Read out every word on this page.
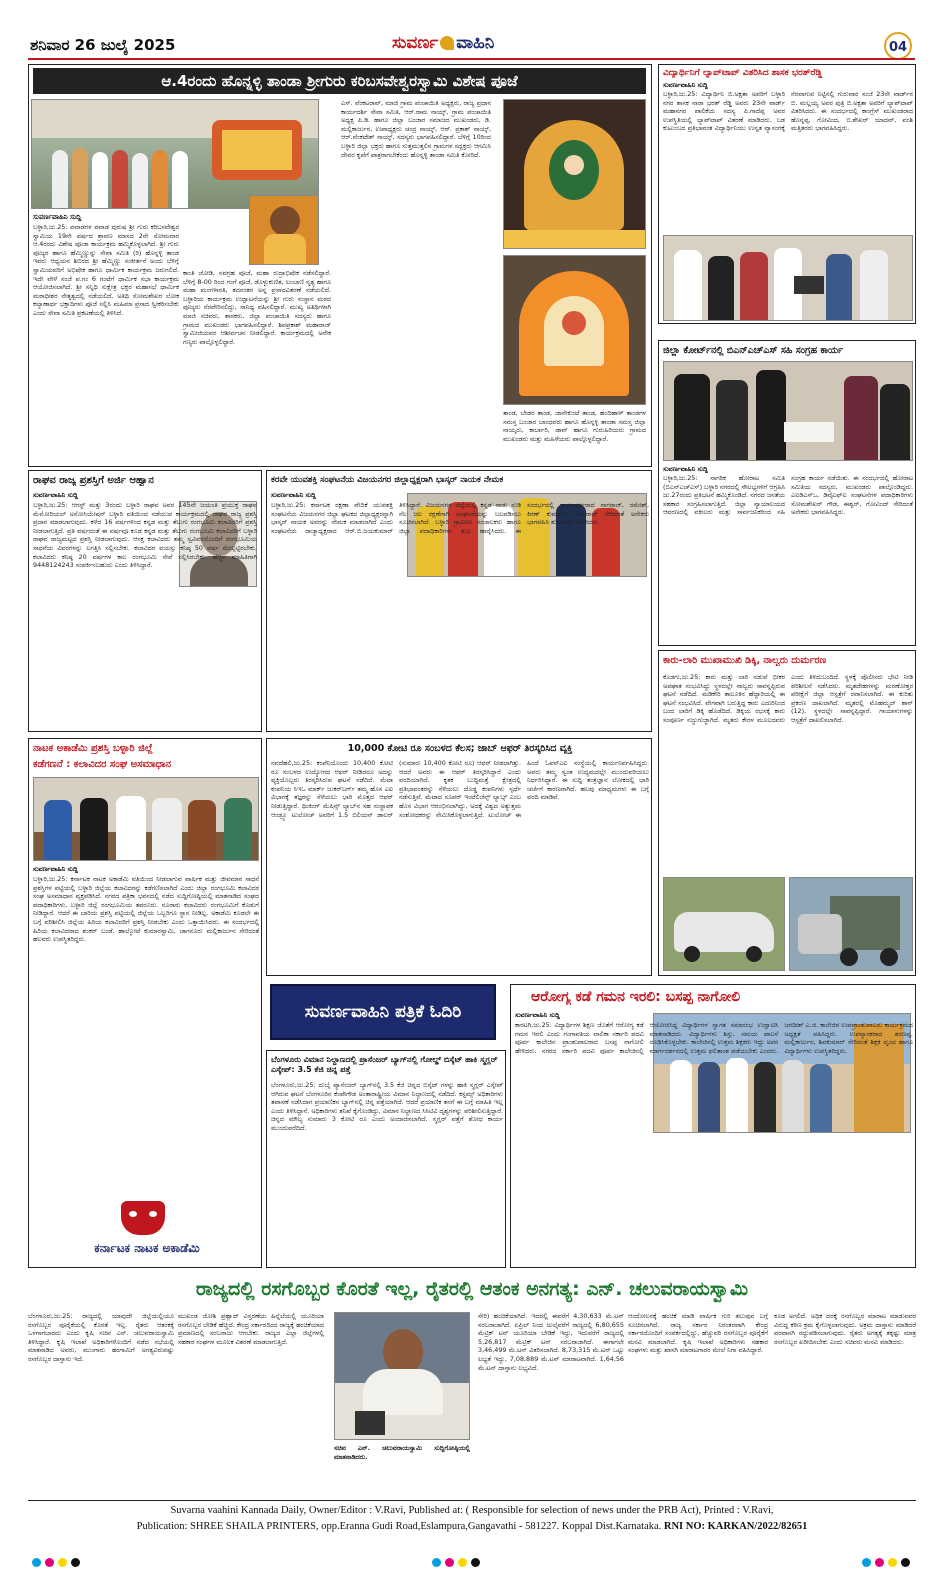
ಶನಿವಾರ 26 ಜುಲೈ 2025	ಸುವರ್ಣ ವಾಹಿನಿ	04
ಆ.4ರಂದು ಹೊನ್ನಳ್ಳಿ ತಾಂಡಾ ಶ್ರೀಗುರು ಕರಿಬಸವೇಶ್ವರಸ್ವಾಮಿ ವಿಶೇಷ ಪೂಜೆ
ಸುವರ್ಣವಾಹಿನಿ ಸುದ್ದಿ
ಬಳ್ಳಾರಿ,ಜು.25: ಪವಾಡಗಳ ಪವಾಡ ಪುರುಷ ಶ್ರೀ ಗುರು ಕರಿಬಸವೇಶ್ವರ ಸ್ವಾಮಿಯ 19ನೇ ವರ್ಷದ ಶ್ರಾವಣ ಮಾಸದ 2ನೇ ಸೋಮವಾರ ಆ.4ರಂದು ವಿಶೇಷ ಪೂಜಾ ಕಾರ್ಯಕ್ರಮ ಹಮ್ಮಿಕೊಳ್ಳಲಾಗಿದೆ. ಶ್ರೀ ಗುರು ಪೂಜ್ಯರ ಹಾಗೂ ಹೆಮ್ಮಿಣ್ಣುನ್ನು ಸೇವಾ ಸಮಿತಿ (ರಿ) ಹೊನ್ನಳ್ಳಿ ತಾಂಡ ಇವರು ಆಧ್ಯಯನ ಶಿಬಿರದ ಶ್ರೀ ಹೆಮ್ಮಿಣ್ಣು ಸಂಕೀರ್ತನೆ ಅಂದು ಬೆಳಿಗ್ಗೆ ಸ್ವಾಮಿಯವರಿಗೆ ಅಭಿಷೇಕ ಹಾಗೂ ಧಾರ್ಮಿಕ ಕಾರ್ಯಕ್ರಮ ಜರುಗಲಿದೆ. ಇದೇ ವೇಳೆ ಸಂಜೆ ಪ.ಗಂ 6 ಗಂಟೆಗೆ ಧಾರ್ಮಿಕ ಸಭಾ ಕಾರ್ಯಕ್ರಮ ಆಯೋಜಿಸಲಾಗಿದೆ. ಶ್ರೀ ಸನ್ನಿಧಿ ಸುಕ್ಷೇತ್ರ ಭಕ್ತರ ಮಹಾಸಭೆ ಧಾರ್ಮಿಕ ಮಠಾಧೀಶರ ನೇತೃತ್ವದಲ್ಲಿ ನಡೆಯಲಿದೆ. ಅತಿಥಿ ಸೋಮಶೇಖರ ಲೋಕ ಕಲ್ಯಾಣಾರ್ಥ ಭಕ್ತಾದಿಗಳು ಪೂಜೆ ಸಲ್ಲಿಸಿ ಮಹಿಮಾ ಪ್ರಸಾದ ಸ್ವೀಕರಿಸಬೇಕು ಎಂದು ಸೇವಾ ಸಮಿತಿ ಪ್ರಕಟಣೆಯಲ್ಲಿ ತಿಳಿಸಿದೆ.
ಕಾಂತಿ ಜೋಡಿ, ನವಗ್ರಹ ಪೂಜೆ, ಮಹಾ ರುದ್ರಾಭಿಷೇಕ ನಡೆಸಲಿದ್ದಾರೆ. ಬೆಳಿಗ್ಗೆ 8-00 ರಿಂದ ಗಂಗೆ ಪೂಜೆ, ಡೊಳ್ಳುಕುಣಿತ, ಲಂಬಾಣಿ ನೃತ್ಯ ಹಾಗೂ ಮಹಾ ಮಂಗಳಾರತಿ, ತದನಂತರ ಅನ್ನ ಪ್ರಸಾದವಿತರಣೆ ನಡೆಯಲಿದೆ. ಬಳ್ಳಾರಿಯ ಕಾರ್ಯಕ್ರಮ ಉದ್ಘಾಟನೆಯನ್ನು ಶ್ರೀ ಗುರು ಸಂಸ್ಥಾನ ಮಠದ ಪೂಜ್ಯರು ನೆರವೇರಿಸಲಿದ್ದು, ಸಾನಿಧ್ಯ ವಹಿಸಲಿದ್ದಾರೆ. ಮುಖ್ಯ ಅತಿಥಿಗಳಾಗಿ ಮಾಜಿ ಸಚಿವರು, ಶಾಸಕರು, ಜಿಲ್ಲಾ ಪಂಚಾಯಿತಿ ಸದಸ್ಯರು ಹಾಗೂ ಗ್ರಾಮದ ಮುಖಂಡರು ಭಾಗವಹಿಸಲಿದ್ದಾರೆ. ಶಿವಪ್ರಕಾಶ್ ಮಹಾರಾಜ್ ಸ್ವಾಮೀಜಿಯವರ ಆಶೀರ್ವಚನ ನೀಡಲಿದ್ದಾರೆ. ಕಾರ್ಯಕ್ರಮದಲ್ಲಿ ಅನೇಕ ಗಣ್ಯರು ಪಾಲ್ಗೊಳ್ಳಲಿದ್ದಾರೆ.
ಎಸ್. ವೆಂಕಟರಾವ್, ಮಾಜಿ ಗ್ರಾಮ ಪಂಚಾಯಿತಿ ಅಧ್ಯಕ್ಷರು, ರಾಜ್ಯ ಪ್ರಧಾನ ಕಾರ್ಯದರ್ಶಿ ಸೇವಾ ಸಮಿತಿ, ಆರ್.ರಾಮ ನಾಯ್ಕ್, ಗ್ರಾಮ ಪಂಚಾಯಿತಿ ಅಧ್ಯಕ್ಷ ಪಿ.ಡಿ. ಹಾಗೂ ಜಿಲ್ಲಾ ಬಂಜಾರ ಸಮಾಜದ ಮುಖಂಡರು, ಡಿ. ಮಲ್ಲಿಕಾರ್ಜುನ, ಉಪಾಧ್ಯಕ್ಷರು ಚಂದ್ರ ನಾಯ್ಕ್, ಆರ್. ಪ್ರಕಾಶ್ ನಾಯ್ಕ್, ಆರ್.ವೆಂಕಟೇಶ್ ನಾಯ್ಕ್, ಸದಸ್ಯರು ಭಾಗವಹಿಸಲಿದ್ದಾರೆ. ಬೆಳಿಗ್ಗೆ 10ರಿಂದ ಬಳ್ಳಾರಿ ಜಿಲ್ಲಾ ಭಕ್ತರು ಹಾಗೂ ಸುತ್ತಮುತ್ತಲಿನ ಗ್ರಾಮಗಳ ಸದ್ಭಕ್ತರು ಆಗಮಿಸಿ ದೇವರ ಕೃಪೆಗೆ ಪಾತ್ರರಾಗಬೇಕೆಂದು ಹೊನ್ನಳ್ಳಿ ತಾಂಡಾ ಸಮಿತಿ ಕೋರಿದೆ.
ತಾಂಡ, ಬೇಡರ ತಾಂಡ, ಜಾನೇಕುಂಟೆ ತಾಂಡ, ಹಂದಿಹಾಳ್ ತಾಂಡಗಳ ಸಮಸ್ತ ಬಂಜಾರ ಬಾಂಧವರು ಹಾಗೂ ಹೊನ್ನಳ್ಳಿ ತಾಂಡಾ ಸಮಸ್ತ ಜಿಲ್ಲಾ ನಾಯ್ಕರು, ಕಾರ್ಬಾರಿ, ಡಾವ್ ಹಾಗೂ ಗುರುಹಿರಿಯರು ಗ್ರಾಮದ ಮುಖಂಡರು ಮತ್ತು ಮಹಿಳೆಯರು ಪಾಲ್ಗೊಳ್ಳಲಿದ್ದಾರೆ.
ವಿದ್ಯಾರ್ಥಿನಿಗೆ ಲ್ಯಾಪ್‌ಟಾಪ್ ವಿತರಿಸಿದ ಶಾಸಕ ಭರತ್‌ರೆಡ್ಡಿ
ಸುವರ್ಣವಾಹಿನಿ ಸುದ್ದಿ
ಬಳ್ಳಾರಿ,ಜು.25: ವಿದ್ಯಾರ್ಥಿನಿ ಬಿ.ಅಕ್ಷತಾ ಅವರಿಗೆ ಬಳ್ಳಾರಿ ನಗರ ಶಾಸಕ ನಾರಾ ಭರತ್ ರೆಡ್ಡಿ ಅವರು 23ನೇ ವಾರ್ಡ್ ಮಹಾನಗರ ಪಾಲಿಕೆಯ ಸದಸ್ಯ ಪಿ.ಗಾದೆಪ್ಪ ಅವರ ಉಪಸ್ಥಿತಿಯಲ್ಲಿ ಲ್ಯಾಪ್‌ಟಾಪ್ ವಿತರಣೆ ಮಾಡಿದರು. ಬಡ ಕುಟುಂಬದ ಪ್ರತಿಭಾವಂತ ವಿದ್ಯಾರ್ಥಿನಿಯು ಉನ್ನತ ವ್ಯಾಸಂಗಕ್ಕೆ ನೆರವಾಗುವ ನಿಟ್ಟಿನಲ್ಲಿ ಗುರುವಾರ ಸಂಜೆ 23ನೇ ವಾರ್ಡ್‌ನ ಬಿ. ಮಲ್ಲಯ್ಯ ಅವರ ಪುತ್ರಿ ಬಿ.ಅಕ್ಷತಾ ಅವರಿಗೆ ಲ್ಯಾಪ್‌ಟಾಪ್ ವಿತರಿಸಿದರು. ಈ ಸಂದರ್ಭದಲ್ಲಿ ಕಾಂಗ್ರೆಸ್ ಮುಖಂಡರಾದ ಹೊನ್ನಪ್ಪ, ಗೋವಿಂದ, ಬಿ.ಶೇಖರ್ ಯಾದವ್, ವಂಶಿ ಮತ್ತಿತರರು ಭಾಗವಹಿಸಿದ್ದರು.
ಜಿಲ್ಲಾ ಕೋರ್ಟ್‌ನಲ್ಲಿ ಬಿಎನ್‌ಎಚ್‌ಎಸ್ ಸಹಿ ಸಂಗ್ರಹ ಕಾರ್ಯ
ಸುವರ್ಣವಾಹಿನಿ ಸುದ್ದಿ
ಬಳ್ಳಾರಿ,ಜು.25: ನಾಗರಿಕ ಹೋರಾಟ ಸಮಿತಿ (ಬಿಎನ್‌ಎಚ್‌ಎಸ್) ಬಳ್ಳಾರಿ ನಗರದಲ್ಲಿ ಸೌಲಭ್ಯಗಳಿಗೆ ಆಗ್ರಹಿಸಿ ಜು.27ರಂದು ಪ್ರತಿಭಟನೆ ಹಮ್ಮಿಕೊಂಡಿದೆ. ನಗರದ ಜನತೆಯ ಸಹಕಾರ ಸಂಗ್ರಹಿಸಲಾಗುತ್ತಿದೆ. ಜಿಲ್ಲಾ ನ್ಯಾಯಾಲಯದ ಆವರಣದಲ್ಲಿ ವಕೀಲರು ಮತ್ತು ಸಾರ್ವಜನಿಕರಿಂದ ಸಹಿ ಸಂಗ್ರಹ ಕಾರ್ಯ ನಡೆಯಿತು. ಈ ಸಂದರ್ಭದಲ್ಲಿ ಹೋರಾಟ ಸಮಿತಿಯ ಸದಸ್ಯರು, ಮುಖಂಡರು ಪಾಲ್ಗೊಂಡಿದ್ದರು. ಎಐಡಿಎಸ್‌ಒ, ಡಿವೈಎಫ್‌ಐ ಸಂಘಟನೆಗಳ ಪದಾಧಿಕಾರಿಗಳು ಸೋಮಶೇಖರ್ ಗೌಡ, ಈಶ್ವರ್, ಗೋವಿಂದ್ ಸೇರಿದಂತೆ ಅನೇಕರು ಭಾಗವಹಿಸಿದ್ದರು.
ರಾಘವ ರಾಜ್ಯ ಪ್ರಶಸ್ತಿಗೆ ಅರ್ಜಿ ಆಹ್ವಾನ
ಸುವರ್ಣವಾಹಿನಿ ಸುದ್ದಿ
ಬಳ್ಳಾರಿ,ಜು.25: ಆಗಸ್ಟ್ ಮತ್ತು 3ರಂದು ಬಳ್ಳಾರಿ ರಾಘವ ಅವರ 145ನೇ ಜಯಂತಿ ಪ್ರಯುಕ್ತ ರಾಘವ ಮೆಮೋರಿಯಲ್ ಅಸೋಸಿಯೇಷನ್ ಬಳ್ಳಾರಿ ವತಿಯಿಂದ ನಡೆಯುವ ಕಾರ್ಯಕ್ರಮದಲ್ಲಿ ರಾಘವ ರಾಜ್ಯ ಪ್ರಶಸ್ತಿ ಪ್ರದಾನ ಮಾಡಲಾಗುವುದು. ಕಳೆದ 16 ವರ್ಷಗಳಿಂದ ಕನ್ನಡ ಮತ್ತು ತೆಲುಗು ರಂಗಭೂಮಿ ಕಲಾವಿದರಿಗೆ ಪ್ರಶಸ್ತಿ ನೀಡಲಾಗುತ್ತಿದೆ. ಪ್ರತಿ ವರ್ಷದಂತೆ ಈ ವರ್ಷವೂ ಕೂಡ ಕನ್ನಡ ಮತ್ತು ತೆಲುಗು ರಂಗಭೂಮಿ ಕಲಾವಿದರಿಗೆ ಬಳ್ಳಾರಿ ರಾಘವ ರಾಜ್ಯಮಟ್ಟದ ಪ್ರಶಸ್ತಿ ನೀಡಲಾಗುವುದು. ಆಸಕ್ತ ಕಲಾವಿದರು ತಮ್ಮ ಸ್ವವಿವರದೊಂದಿಗೆ ರಂಗಭೂಮಿಯ ಸಾಧನೆಯ ವಿವರಗಳನ್ನು ಲಗತ್ತಿಸಿ ಸಲ್ಲಿಸಬೇಕು. ಕಲಾವಿದರ ವಯಸ್ಸು ಕನಿಷ್ಠ 50 ವರ್ಷ ಮೇಲ್ಪಟ್ಟಿರಬೇಕು, ಕಲಾವಿದರು ಕನಿಷ್ಠ 20 ವರ್ಷಗಳ ಕಾಲ ರಂಗಭೂಮಿ ಸೇವೆ ಸಲ್ಲಿಸಿರಬೇಕು. ಹೆಚ್ಚಿನ ಮಾಹಿತಿಗಾಗಿ 9448124243 ಸಂಪರ್ಕಿಸಬಹುದು ಎಂದು ತಿಳಿಸಿದ್ದಾರೆ.
ಕರವೇ ಯುವಶಕ್ತಿ ಸಂಘಟನೆಯ ವಿಜಯನಗರ ಜಿಲ್ಲಾಧ್ಯಕ್ಷರಾಗಿ ಭಾಸ್ಕರ್ ನಾಯಕ ನೇಮಕ
ಸುವರ್ಣವಾಹಿನಿ ಸುದ್ದಿ
ಬಳ್ಳಾರಿ,ಜು.25: ಕರ್ನಾಟಕ ರಕ್ಷಣಾ ವೇದಿಕೆ ಯುವಶಕ್ತಿ ಸಂಘಟನೆಯ ವಿಜಯನಗರ ಜಿಲ್ಲಾ ಘಟಕದ ಜಿಲ್ಲಾಧ್ಯಕ್ಷರನ್ನಾಗಿ ಭಾಸ್ಕರ್ ನಾಯಕ ಅವರನ್ನು ನೇಮಕ ಮಾಡಲಾಗಿದೆ ಎಂದು ಸಂಘಟನೆಯ ರಾಜ್ಯಾಧ್ಯಕ್ಷರಾದ ಆರ್.ಬಿ.ಜಯಕುಮಾರ್ ತಿಳಿಸಿದ್ದಾರೆ. ವಿಜಯನಗರ ಜಿಲ್ಲೆಯಲ್ಲಿ ಕನ್ನಡ ನಾಡು ನುಡಿ ನೆಲ ಜಲ ರಕ್ಷಣೆಗಾಗಿ ಸಂಘಟನೆಯನ್ನು ಬಲಪಡಿಸಲು ಸೂಚಿಸಲಾಗಿದೆ. ಬಳ್ಳಾರಿ ಗ್ರಾಮೀಣ ಸಂಚಾಲಕರು ಹಾಗೂ ಜಿಲ್ಲಾ ಪದಾಧಿಕಾರಿಗಳು ಶುಭ ಹಾರೈಸಿದರು. ಈ ಸಂದರ್ಭದಲ್ಲಿ ಕಾರ್ಯಕರ್ತರಾದ ನಾಗರಾಜ್, ರಮೇಶ್, ಕಿರಣ್ ಕುಮಾರ್, ಬಸವರಾಜ್ ಸೇರಿದಂತೆ ಅನೇಕರು ಭಾಗವಹಿಸಿ ಶುಭಾಶಯ ಕೋರಿದರು.
ನಾಟಕ ಅಕಾಡೆಮಿ ಪ್ರಶಸ್ತಿ ಬಳ್ಳಾರಿ ಜಿಲ್ಲೆ
ಕಡೆಗಣನೆ : ಕಲಾವಿದರ ಸಂಘ ಅಸಮಾಧಾನ
ಸುವರ್ಣವಾಹಿನಿ ಸುದ್ದಿ
ಬಳ್ಳಾರಿ,ಜು.25: ಕರ್ನಾಟಕ ನಾಟಕ ಅಕಾಡೆಮಿ ವತಿಯಿಂದ ನೀಡಲಾಗುವ ವಾರ್ಷಿಕ ಮತ್ತು ಜೀವಮಾನ ಸಾಧನೆ ಪ್ರಶಸ್ತಿಗಳ ಪಟ್ಟಿಯಲ್ಲಿ ಬಳ್ಳಾರಿ ಜಿಲ್ಲೆಯ ಕಲಾವಿದರನ್ನು ಕಡೆಗಣಿಸಲಾಗಿದೆ ಎಂದು ಜಿಲ್ಲಾ ರಂಗಭೂಮಿ ಕಲಾವಿದರ ಸಂಘ ಅಸಮಾಧಾನ ವ್ಯಕ್ತಪಡಿಸಿದೆ. ನಗರದ ಪತ್ರಿಕಾ ಭವನದಲ್ಲಿ ನಡೆದ ಸುದ್ದಿಗೋಷ್ಠಿಯಲ್ಲಿ ಮಾತನಾಡಿದ ಸಂಘದ ಪದಾಧಿಕಾರಿಗಳು, ಬಳ್ಳಾರಿ ಜಿಲ್ಲೆ ರಂಗಭೂಮಿಯ ತವರೂರು. ನೂರಾರು ಕಲಾವಿದರು ರಂಗಭೂಮಿಗೆ ಕೊಡುಗೆ ನೀಡಿದ್ದಾರೆ. ಆದರೆ ಈ ಬಾರಿಯ ಪ್ರಶಸ್ತಿ ಪಟ್ಟಿಯಲ್ಲಿ ಜಿಲ್ಲೆಯ ಒಬ್ಬರಿಗೂ ಸ್ಥಾನ ನೀಡಿಲ್ಲ. ಅಕಾಡೆಮಿ ಕೂಡಲೇ ಈ ಬಗ್ಗೆ ಪರಿಶೀಲಿಸಿ ಜಿಲ್ಲೆಯ ಹಿರಿಯ ಕಲಾವಿದರಿಗೆ ಪ್ರಶಸ್ತಿ ನೀಡಬೇಕು ಎಂದು ಒತ್ತಾಯಿಸಿದರು. ಈ ಸಂದರ್ಭದಲ್ಲಿ ಹಿರಿಯ ಕಲಾವಿದರಾದ ಶಂಕರ್ ಬಂಡೆ, ಹಾಲ್ಕೋಟೆ ಕುಮಾರಸ್ವಾಮಿ, ಚಾಗನೂರು ಮಲ್ಲಿಕಾರ್ಜುನ ಸೇರಿದಂತೆ ಹಲವರು ಉಪಸ್ಥಿತರಿದ್ದರು.
ಕರ್ನಾಟಕ ನಾಟಕ ಅಕಾಡೆಮಿ
10,000 ಕೋಟಿ ರೂ ಸಂಬಳದ ಕೆಲಸ; ಜಾಬ್ ಆಫರ್ ತಿರಸ್ಕರಿಸಿದ ವ್ಯಕ್ತಿ
ನವದೆಹಲಿ,ಜು.25: ಕಂಪೆನಿಯೊಂದು 10,400 ಕೋಟಿ ರೂ ಸಂಬಳದ ಉದ್ಯೋಗದ ಆಫರ್ ನೀಡಿದರೂ ಅದನ್ನು ವ್ಯಕ್ತಿಯೊಬ್ಬರು ತಿರಸ್ಕರಿಸಿರುವ ಘಟನೆ ನಡೆದಿದೆ. ಮೆಟಾ ಕಂಪನಿಯ ಸಿಇಒ ಮಾರ್ಕ್ ಜುಕರ್‌ಬರ್ಗ್ ತಮ್ಮ ಹೊಸ ಎಐ ವಿಭಾಗಕ್ಕೆ ತಜ್ಞರನ್ನು ಸೆಳೆಯಲು ಭಾರಿ ಮೊತ್ತದ ಆಫರ್ ನೀಡುತ್ತಿದ್ದಾರೆ. ಥಿಂಕಿಂಗ್ ಮೆಷಿನ್ಸ್ ಲ್ಯಾಬ್‌ನ ಸಹ ಸಂಸ್ಥಾಪಕ ಆಂಡ್ರ್ಯೂ ಟುಲೋಚ್ ಅವರಿಗೆ 1.5 ಬಿಲಿಯನ್ ಡಾಲರ್ (ಸುಮಾರು 10,400 ಕೋಟಿ ರೂ) ಆಫರ್ ನೀಡಲಾಗಿತ್ತು. ಆದರೆ ಅವರು ಈ ಆಫರ್ ತಿರಸ್ಕರಿಸಿದ್ದಾರೆ ಎಂದು ವರದಿಯಾಗಿದೆ. ಕೃತಕ ಬುದ್ಧಿಮತ್ತೆ ಕ್ಷೇತ್ರದಲ್ಲಿ ಪ್ರತಿಭಾವಂತರನ್ನು ಸೆಳೆಯಲು ದೊಡ್ಡ ಕಂಪನಿಗಳು ಸ್ಪರ್ಧೆ ನಡೆಸುತ್ತಿವೆ. ಮೆಟಾದ ಸೂಪರ್ ಇಂಟೆಲಿಜೆನ್ಸ್ ಲ್ಯಾಬ್ಸ್ ಎಂಬ ಹೊಸ ವಿಭಾಗ ಆರಂಭಿಸಲಾಗಿದ್ದು, ಅದಕ್ಕೆ ವಿಶ್ವದ ಅತ್ಯುತ್ತಮ ಸಂಶೋಧಕರನ್ನು ನೇಮಿಸಿಕೊಳ್ಳಲಾಗುತ್ತಿದೆ. ಟುಲೋಚ್ ಈ ಹಿಂದೆ ಓಪನ್‌ಎಐ ಸಂಸ್ಥೆಯಲ್ಲಿ ಕಾರ್ಯನಿರ್ವಹಿಸಿದ್ದರು. ಅವರು ತಮ್ಮ ಸ್ವಂತ ಉದ್ಯಮದಲ್ಲೇ ಮುಂದುವರಿಯಲು ನಿರ್ಧರಿಸಿದ್ದಾರೆ. ಈ ಸುದ್ದಿ ತಂತ್ರಜ್ಞಾನ ಲೋಕದಲ್ಲಿ ಭಾರಿ ಚರ್ಚೆಗೆ ಕಾರಣವಾಗಿದೆ. ಹಲವು ಮಾಧ್ಯಮಗಳು ಈ ಬಗ್ಗೆ ವರದಿ ಮಾಡಿವೆ.
ಕಾರು-ಲಾರಿ ಮುಖಾಮುಖಿ ಡಿಕ್ಕಿ, ನಾಲ್ವರು ದುರ್ಮರಣ
ಕೊಡಗು,ಜು.25: ಕಾರು ಮತ್ತು ಲಾರಿ ನಡುವೆ ಭೀಕರ ಅಪಘಾತ ಸಂಭವಿಸಿದ್ದು ಸ್ಥಳದಲ್ಲೇ ನಾಲ್ವರು ಸಾವನ್ನಪ್ಪಿರುವ ಘಟನೆ ನಡೆದಿದೆ. ಮಡಿಕೇರಿ ತಾಲೂಕಿನ ಹೆದ್ದಾರಿಯಲ್ಲಿ ಈ ಘಟನೆ ಸಂಭವಿಸಿದೆ. ವೇಗವಾಗಿ ಬರುತ್ತಿದ್ದ ಕಾರು ಎದುರಿನಿಂದ ಬಂದ ಲಾರಿಗೆ ಡಿಕ್ಕಿ ಹೊಡೆದಿದೆ. ಡಿಕ್ಕಿಯ ರಭಸಕ್ಕೆ ಕಾರು ಸಂಪೂರ್ಣ ನಜ್ಜುಗುಜ್ಜಾಗಿದೆ. ಮೃತರು ಕೇರಳ ಮೂಲದವರು ಎಂದು ತಿಳಿದುಬಂದಿದೆ. ಸ್ಥಳಕ್ಕೆ ಪೊಲೀಸರು ಭೇಟಿ ನೀಡಿ ಪರಿಶೀಲನೆ ನಡೆಸಿದರು. ಮೃತದೇಹಗಳನ್ನು ಮರಣೋತ್ತರ ಪರೀಕ್ಷೆಗೆ ಜಿಲ್ಲಾ ಆಸ್ಪತ್ರೆಗೆ ರವಾನಿಸಲಾಗಿದೆ. ಈ ಕುರಿತು ಪ್ರಕರಣ ದಾಖಲಾಗಿದೆ. ಮೃತರಲ್ಲಿ ಮೊಹಮ್ಮದ್ ಶಾನ್ (12), ಸ್ಥಳದಲ್ಲೇ ಸಾವನ್ನಪ್ಪಿದ್ದಾರೆ. ಗಾಯಾಳುಗಳನ್ನು ಆಸ್ಪತ್ರೆಗೆ ದಾಖಲಿಸಲಾಗಿದೆ.
ಸುವರ್ಣವಾಹಿನಿ ಪತ್ರಿಕೆ ಓದಿರಿ
ಬೆಂಗಳೂರು ವಿಮಾನ ನಿಲ್ದಾಣದಲ್ಲಿ ಪ್ರಾಸೆಂಜರ್ ಬ್ಯಾಗ್‌ನಲ್ಲಿ ಗೋಲ್ಡ್ ಬಿಸ್ಕೆಟ್ ಹಾಕಿ ಸ್ಮಗ್ಲರ್ ಎಸ್ಕೇಪ್: 3.5 ಕೆಜಿ ಚಿನ್ನ ಪತ್ತೆ
ಬೆಂಗಳೂರು,ಜು.25: ದುಬೈ ಪ್ಯಾಸೆಂಜರ್ ಬ್ಯಾಗ್‌ನಲ್ಲಿ 3.5 ಕೆಜಿ ಚಿನ್ನದ ಬಿಸ್ಕೆಟ್ ಗಳನ್ನು ಹಾಕಿ ಸ್ಮಗ್ಲರ್ ಎಸ್ಕೇಪ್ ಆಗಿರುವ ಘಟನೆ ಬೆಂಗಳೂರಿನ ಕೆಂಪೇಗೌಡ ಅಂತಾರಾಷ್ಟ್ರೀಯ ವಿಮಾನ ನಿಲ್ದಾಣದಲ್ಲಿ ನಡೆದಿದೆ. ಕಸ್ಟಮ್ಸ್ ಅಧಿಕಾರಿಗಳು ತಪಾಸಣೆ ನಡೆಸಿದಾಗ ಪ್ರಯಾಣಿಕನ ಬ್ಯಾಗ್‌ನಲ್ಲಿ ಚಿನ್ನ ಪತ್ತೆಯಾಗಿದೆ. ಆದರೆ ಪ್ರಯಾಣಿಕ ತನಗೆ ಈ ಬಗ್ಗೆ ಮಾಹಿತಿ ಇಲ್ಲ ಎಂದು ತಿಳಿಸಿದ್ದಾನೆ. ಅಧಿಕಾರಿಗಳು ತನಿಖೆ ಕೈಗೊಂಡಿದ್ದು, ವಿಮಾನ ನಿಲ್ದಾಣದ ಸಿಸಿಟಿವಿ ದೃಶ್ಯಗಳನ್ನು ಪರಿಶೀಲಿಸುತ್ತಿದ್ದಾರೆ. ಚಿನ್ನದ ಮೌಲ್ಯ ಸುಮಾರು 3 ಕೋಟಿ ರೂ ಎಂದು ಅಂದಾಜಿಸಲಾಗಿದೆ. ಸ್ಮಗ್ಲರ್ ಪತ್ತೆಗೆ ಶೋಧ ಕಾರ್ಯ ಮುಂದುವರೆದಿದೆ.
ಆರೋಗ್ಯ ಕಡೆ ಗಮನ ಇರಲಿ: ಬಸಪ್ಪ ನಾಗೋಲಿ
ಸುವರ್ಣವಾಹಿನಿ ಸುದ್ದಿ
ಕಾರಟಗಿ,ಜು.25: ವಿದ್ಯಾರ್ಥಿಗಳ ಶಿಕ್ಷಣ ಜೊತೆಗೆ ಆರೋಗ್ಯ ಕಡೆ ಗಮನ ಇರಲಿ ಎಂದು ಗಂಗಾವತಿಯ ವಾಲಿಕಾ ಸರ್ಕಾರಿ ಪದವಿ ಪೂರ್ವ ಕಾಲೇಜಿನ ಪ್ರಾಂಶುಪಾಲರಾದ ಬಸಪ್ಪ ನಾಗೋಲಿ ಹೇಳಿದರು. ನಗರದ ಸರ್ಕಾರಿ ಪದವಿ ಪೂರ್ವ ಕಾಲೇಜಿನಲ್ಲಿ ಆಯೋಜಿಸಿದ್ದ ವಿದ್ಯಾರ್ಥಿಗಳ ಸ್ವಾಗತ ಸಮಾರಂಭ ಉದ್ಘಾಟಿಸಿ ಮಾತನಾಡಿದರು. ವಿದ್ಯಾರ್ಥಿಗಳು ಶಿಸ್ತು, ಸಮಯ ಪಾಲನೆ ರೂಢಿಸಿಕೊಳ್ಳಬೇಕು. ಕಾಲೇಜಿನಲ್ಲಿ ಉತ್ತಮ ಶಿಕ್ಷಕರು ಇದ್ದು ಅವರ ಮಾರ್ಗದರ್ಶನದಲ್ಲಿ ಉತ್ತಮ ಫಲಿತಾಂಶ ಪಡೆಯಬೇಕು ಎಂದರು. ಜಗದೀಶ್ ಎ.ಜಿ. ಕಾಲೇಜಿನ ಉಪಪ್ರಾಂಶುಪಾಲರು ಕಾರ್ಯಕ್ರಮದ ಅಧ್ಯಕ್ಷತೆ ವಹಿಸಿದ್ದರು. ಉಪನ್ಯಾಸಕರಾದ ಶರಣಪ್ಪ, ಮಲ್ಲಿಕಾರ್ಜುನ, ಶಿವಕುಮಾರ್ ಸೇರಿದಂತೆ ಶಿಕ್ಷಕ ವೃಂದ ಹಾಗೂ ವಿದ್ಯಾರ್ಥಿಗಳು ಉಪಸ್ಥಿತರಿದ್ದರು.
ರಾಜ್ಯದಲ್ಲಿ ರಸಗೊಬ್ಬರ ಕೊರತೆ ಇಲ್ಲ, ರೈತರಲ್ಲಿ ಆತಂಕ ಅನಗತ್ಯ: ಎನ್. ಚಲುವರಾಯಸ್ವಾಮಿ
ಬೆಂಗಳೂರು,ಜು.25: ರಾಜ್ಯದಲ್ಲಿ ಯಾವುದೇ ಜಿಲ್ಲೆಯಲ್ಲಿಯೂ ರಸಗೊಬ್ಬರ ಪೂರೈಕೆಯಲ್ಲಿ ಕೊರತೆ ಇಲ್ಲ. ರೈತರು ಆತಂಕಕ್ಕೆ ಒಳಗಾಗಬಾರದು ಎಂದು ಕೃಷಿ ಸಚಿವ ಎನ್. ಚಲುವರಾಯಸ್ವಾಮಿ ತಿಳಿಸಿದ್ದಾರೆ. ಕೃಷಿ ಇಲಾಖೆ ಅಧಿಕಾರಿಗಳೊಂದಿಗೆ ನಡೆದ ಸಭೆಯಲ್ಲಿ ಮಾತನಾಡಿದ ಅವರು, ಮುಂಗಾರು ಹಂಗಾಮಿಗೆ ಅಗತ್ಯವಿರುವಷ್ಟು ರಸಗೊಬ್ಬರ ದಾಸ್ತಾನು ಇದೆ.
ಮುಖಂಡ ಜೋಶಿ ಪ್ರಹ್ಲಾದ್ ವಿಸ್ತರಣೆಯ ಹಿನ್ನೆಲೆಯಲ್ಲಿ ಯೂರಿಯಾ ರಸಗೊಬ್ಬರ ಬೇಡಿಕೆ ಹೆಚ್ಚಿದೆ. ಕೇಂದ್ರ ಸರ್ಕಾರದಿಂದ ರಾಜ್ಯಕ್ಕೆ ಹಂಚಿಕೆಯಾದ ಪ್ರಮಾಣದಲ್ಲಿ ಸರಬರಾಜು ಆಗಬೇಕು. ರಾಜ್ಯದ ಎಲ್ಲಾ ಜಿಲ್ಲೆಗಳಲ್ಲಿ ಸಹಕಾರ ಸಂಘಗಳ ಮೂಲಕ ವಿತರಣೆ ಮಾಡಲಾಗುತ್ತಿದೆ.
ಸಚಿವ ಎನ್. ಚಲುವರಾಯಸ್ವಾಮಿ ಸುದ್ದಿಗೋಷ್ಠಿಯಲ್ಲಿ ಮಾತನಾಡಿದರು.
ಸೇರಿ) ಹಂಚಿಕೆಯಾಗಿದೆ. ಇದರಲ್ಲಿ ಈವರೆಗೆ 4,30,633 ಮೆ.ಟನ್ ಸರಬರಾಜಾಗಿದೆ. ಏಪ್ರಿಲ್ ನಿಂದ ಜುಲೈವರೆಗೆ ರಾಜ್ಯದಲ್ಲಿ 6,80,655 ಮೆಟ್ರಿಕ್ ಟನ್ ಯೂರಿಯಾ ಬೇಡಿಕೆ ಇದ್ದು, ಇದುವರೆಗೆ ರಾಜ್ಯದಲ್ಲಿ 5,26,817 ಮೆಟ್ರಿಕ್ ಟನ್ ಸರಬರಾಜಾಗಿದೆ. ಈಗಾಗಲೇ 3,46,499 ಮೆ.ಟನ್ ವಿತರಿಸಲಾಗಿದೆ. 8,73,315 ಮೆ.ಟನ್ ಒಟ್ಟು ಲಭ್ಯತೆ ಇದ್ದು, 7,08,889 ಮೆ.ಟನ್ ಮಾರಾಟವಾಗಿದೆ. 1,64,56 ಮೆ.ಟನ್ ದಾಸ್ತಾನು ಲಭ್ಯವಿದೆ.
ಆಂದೋಲನಕ್ಕೆ ಹಂಚಿಕೆ ಮಾಡಿ ವಾರ್ಷಿಕ ಗುರಿ ತಲುಪುವ ಬಗ್ಗೆ ಸೂಚಿಸಲಾಗಿದೆ. ರಾಜ್ಯ ಸರ್ಕಾರ ನಿರಂತರವಾಗಿ ಕೇಂದ್ರ ಸರ್ಕಾರದೊಂದಿಗೆ ಸಂಪರ್ಕದಲ್ಲಿದ್ದು, ಹೆಚ್ಚುವರಿ ರಸಗೊಬ್ಬರ ಪೂರೈಕೆಗೆ ಮನವಿ ಮಾಡಲಾಗಿದೆ. ಕೃಷಿ ಇಲಾಖೆ ಅಧಿಕಾರಿಗಳು ಸಹಕಾರ ಸಂಘಗಳು ಮತ್ತು ಖಾಸಗಿ ಮಾರಾಟಗಾರರ ಮೇಲೆ ನಿಗಾ ವಹಿಸಿದ್ದಾರೆ.
ಕೂಡ ಅಗಲಿದೆ. ಅಧಿಕ ದರಕ್ಕೆ ರಸಗೊಬ್ಬರ ಮಾರಾಟ ಮಾಡುವವರ ವಿರುದ್ಧ ಕಠಿಣ ಕ್ರಮ ಕೈಗೊಳ್ಳಲಾಗುವುದು. ಅಕ್ರಮ ದಾಸ್ತಾನು ಮಾಡಿದರೆ ಪರವಾನಗಿ ರದ್ದುಪಡಿಸಲಾಗುವುದು. ರೈತರು ಅಗತ್ಯಕ್ಕೆ ತಕ್ಕಷ್ಟು ಮಾತ್ರ ರಸಗೊಬ್ಬರ ಖರೀದಿಸಬೇಕು ಎಂದು ಸಚಿವರು ಮನವಿ ಮಾಡಿದರು.
Suvarna vaahini Kannada Daily, Owner/Editor : V.Ravi, Published at: ( Responsible for selection of news under the PRB Act), Printed : V.Ravi,
Publication: SHREE SHAILA PRINTERS, opp.Eranna Gudi Road,Eslampura,Gangavathi - 581227. Koppal Dist.Karnataka. RNI NO: KARKAN/2022/82651
